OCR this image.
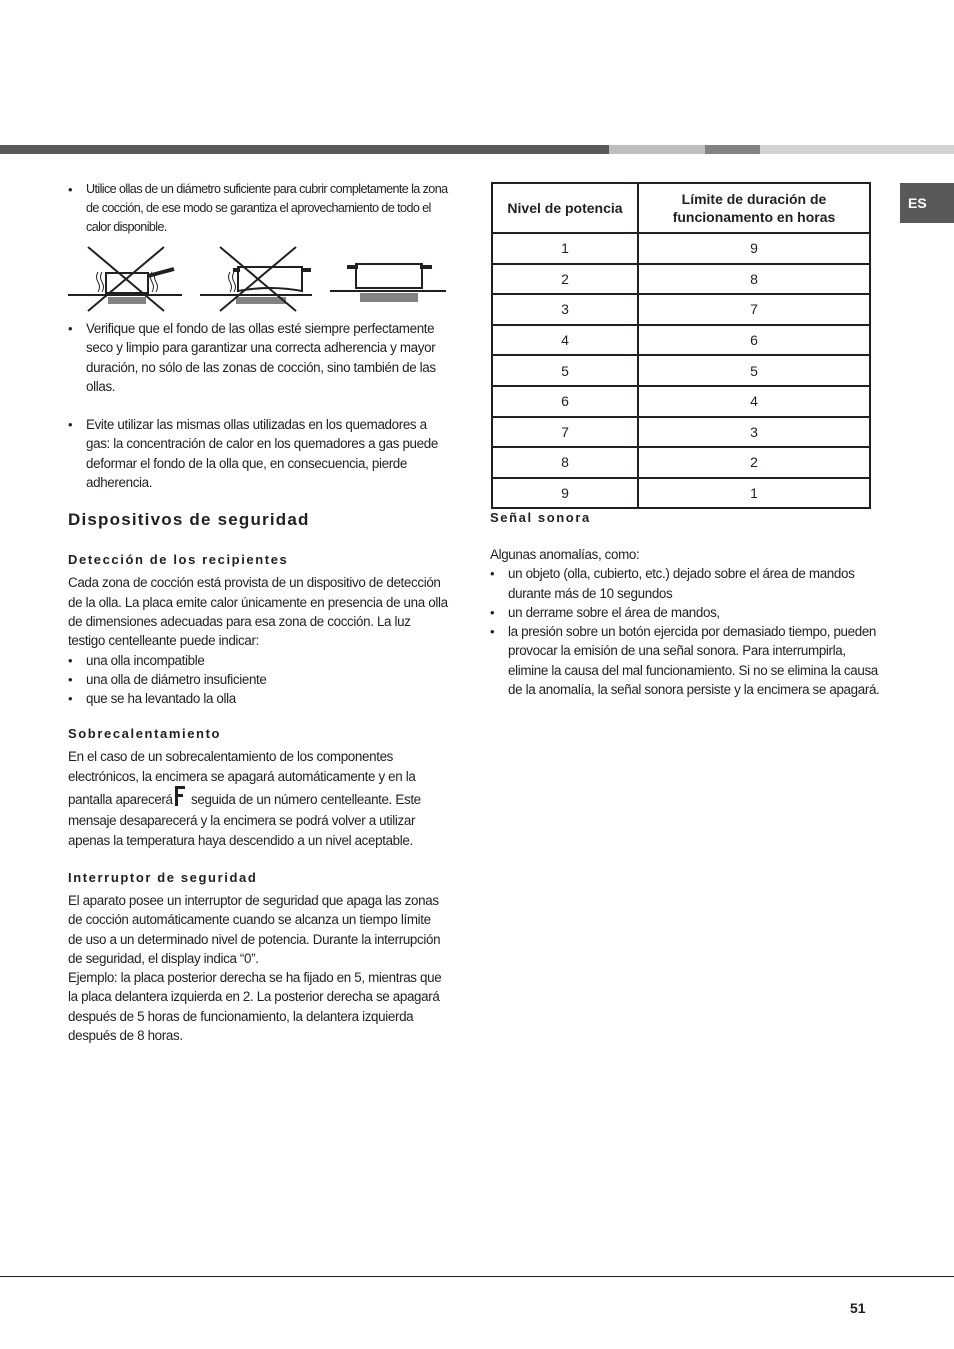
ES
• Utilice ollas de un diámetro suficiente para cubrir completamente la zona de cocción, de ese modo se garantiza el aprovechamiento de todo el calor disponible.
• Verifique que el fondo de las ollas esté siempre perfectamente seco y limpio para garantizar una correcta adherencia y mayor duración, no sólo de las zonas de cocción, sino también de las ollas.
• Evite utilizar las mismas ollas utilizadas en los quemadores a gas: la concentración de calor en los quemadores a gas puede deformar el fondo de la olla que, en consecuencia, pierde adherencia.
Dispositivos de seguridad
Detección de los recipientes

Cada zona de cocción está provista de un dispositivo de detección de la olla. La placa emite calor únicamente en presencia de una olla de dimensiones adecuadas para esa zona de cocción. La luz testigo centelleante puede indicar:

• una olla incompatible
• una olla de diámetro insuficiente
• que se ha levantado la olla
Sobrecalentamiento

En el caso de un sobrecalentamiento de los componentes electrónicos, la encimera se apagará automáticamente y en la pantalla aparecerá seguida de un número centelleante. Este mensaje desaparecerá y la encimera se podrá volver a utilizar apenas la temperatura haya descendido a un nivel aceptable.

Interruptor de seguridad

El aparato posee un interruptor de seguridad que apaga las zonas de cocción automáticamente cuando se alcanza un tiempo límite de uso a un determinado nivel de potencia. Durante la interrupción de seguridad, el display indica “0”.

Ejemplo: la placa posterior derecha se ha fijado en 5, mientras que la placa delantera izquierda en 2. La posterior derecha se apagará después de 5 horas de funcionamiento, la delantera izquierda después de 8 horas.

Nivel de potencia	Límite de duración de funcionamento en horas
1	9
2	8
3	7
4	6
5	5
6	4
7	3
8	2
9	1
Señal sonora

Algunas anomalías, como:

• un objeto (olla, cubierto, etc.) dejado sobre el área de mandos durante más de 10 segundos
• un derrame sobre el área de mandos,
• la presión sobre un botón ejercida por demasiado tiempo, pueden provocar la emisión de una señal sonora. Para interrumpirla, elimine la causa del mal funcionamiento. Si no se elimina la causa de la anomalía, la señal sonora persiste y la encimera se apagará.
51
